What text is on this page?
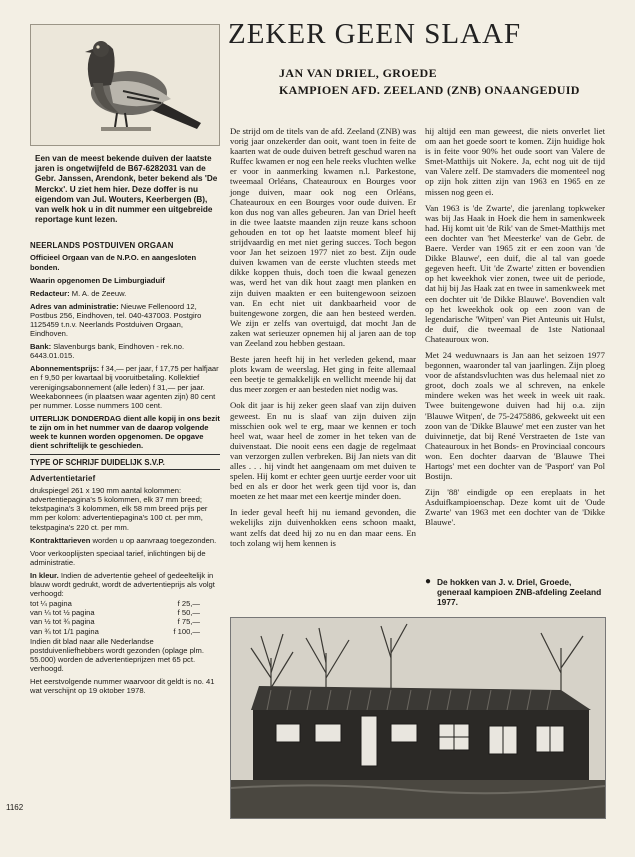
Een van de meest bekende duiven der laatste jaren is ongetwijfeld de B67-6282031 van de Gebr. Janssen, Arendonk, beter bekend als 'De Merckx'. U ziet hem hier. Deze doffer is nu eigendom van Jul. Wouters, Keerbergen (B), van welk hok u in dit nummer een uitgebreide reportage kunt lezen.

NEERLANDS POSTDUIVEN ORGAAN

Officieel Orgaan van de N.P.O. en aangesloten bonden.

Waarin opgenomen De Limburgiaduif

Redacteur: M. A. de Zeeuw.

Adres van administratie: Nieuwe Fellenoord 12, Postbus 256, Eindhoven, tel. 040-437003. Postgiro 1125459 t.n.v. Neerlands Postduiven Orgaan, Eindhoven.

Bank: Slavenburgs bank, Eindhoven - rek.no. 6443.01.015.

Abonnementsprijs: f 34,— per jaar, f 17,75 per halfjaar en f 9,50 per kwartaal bij vooruitbetaling. Kollektief verenigingsabonnement (alle leden) f 31,— per jaar. Weekabonnees (in plaatsen waar agenten zijn) 80 cent per nummer. Losse nummers 100 cent.

UITERLIJK DONDERDAG dient alle kopij in ons bezit te zijn om in het nummer van de daarop volgende week te kunnen worden opgenomen. De opgave dient schriftelijk te geschieden.

TYPE OF SCHRIJF DUIDELIJK S.V.P.
Advertentietarief

drukspiegel 261 x 190 mm aantal kolommen: advertentiepagina's 5 kolommen, elk 37 mm breed; tekstpagina's 3 kolommen, elk 58 mm breed prijs per mm per kolom: advertentiepagina's 100 ct. per mm, tekstpagina's 220 ct. per mm.

Kontrakttarieven worden u op aanvraag toegezonden.

Voor verkooplijsten speciaal tarief, inlichtingen bij de administratie.

In kleur. Indien de advertentie geheel of gedeeltelijk in blauw wordt gedrukt, wordt de advertentieprijs als volgt verhoogd:

tot ¼ pagina	f 25,—
van ¼ tot ½ pagina	f 50,—
van ½ tot ¾ pagina	f 75,—
van ¾ tot 1/1 pagina	f 100,—

Indien dit blad naar alle Nederlandse postduivenliefhebbers wordt gezonden (oplage plm. 55.000) worden de advertentieprijzen met 65 pct. verhoogd.

Het eerstvolgende nummer waarvoor dit geldt is no. 41 wat verschijnt op 19 oktober 1978.

1162
ZEKER GEEN SLAAF
JAN VAN DRIEL, GROEDE
KAMPIOEN AFD. ZEELAND (ZNB) ONAANGEDUID

De strijd om de titels van de afd. Zeeland (ZNB) was vorig jaar onzekerder dan ooit, want toen in feite de kaarten wat de oude duiven betreft geschud waren na Ruffec kwamen er nog een hele reeks vluchten welke er voor in aanmerking kwamen n.l. Parkestone, tweemaal Orléans, Chateauroux en Bourges voor jonge duiven, maar ook nog een Orléans, Chateauroux en een Bourges voor oude duiven. Er kon dus nog van alles gebeuren. Jan van Driel heeft in die twee laatste maanden zijn reuze kans schoon gehouden en tot op het laatste moment bleef hij strijdvaardig en met niet gering succes. Toch begon voor Jan het seizoen 1977 niet zo best. Zijn oude duiven kwamen van de eerste vluchten steeds met dikke koppen thuis, doch toen die kwaal genezen was, werd het van dik hout zaagt men planken en zijn duiven maakten er een buitengewoon seizoen van. En echt niet uit dankbaarheid voor de buitengewone zorgen, die aan hen besteed werden. We zijn er zelfs van overtuigd, dat mocht Jan de zaken wat serieuzer opnemen hij al jaren aan de top van Zeeland zou hebben gestaan.

Beste jaren heeft hij in het verleden gekend, maar plots kwam de weerslag. Het ging in feite allemaal een beetje te gemakkelijk en wellicht meende hij dat dus meer zorgen er aan besteden niet nodig was.

Ook dit jaar is hij zeker geen slaaf van zijn duiven geweest. En nu is slaaf van zijn duiven zijn misschien ook wel te erg, maar we kennen er toch heel wat, waar heel de zomer in het teken van de duivenstaat. Die nooit eens een dagje de regelmaat van verzorgen zullen verbreken. Bij Jan niets van dit alles . . . hij vindt het aangenaam om met duiven te spelen. Hij komt er echter geen uurtje eerder voor uit bed en als er door het werk geen tijd voor is, dan moeten ze het maar met een keertje minder doen.

In ieder geval heeft hij nu iemand gevonden, die wekelijks zijn duivenhokken eens schoon maakt, want zelfs dat deed hij zo nu en dan maar eens. En toch zolang wij hem kennen is

hij altijd een man geweest, die niets onverlet liet om aan het goede soort te komen. Zijn huidige hok is in feite voor 90% het oude soort van Valere de Smet-Matthijs uit Nokere. Ja, echt nog uit de tijd van Valere zelf. De stamvaders die momenteel nog op zijn hok zitten zijn van 1963 en 1965 en ze missen nog geen ei.

Van 1963 is 'de Zwarte', die jarenlang topkweker was bij Jas Haak in Hoek die hem in samenkweek had. Hij komt uit 'de Rik' van de Smet-Matthijs met een dochter van 'het Meesterke' van de Gebr. de Baere. Verder van 1965 zit er een zoon van 'de Dikke Blauwe', een duif, die al tal van goede gegeven heeft. Uit 'de Zwarte' zitten er bovendien op het kweekhok vier zonen, twee uit de periode, dat hij bij Jas Haak zat en twee in samenkweek met een dochter uit 'de Dikke Blauwe'. Bovendien valt op het kweekhok ook op een zoon van de legendarische 'Witpen' van Piet Anteunis uit Hulst, de duif, die tweemaal de 1ste Nationaal Chateauroux won.

Met 24 weduwnaars is Jan aan het seizoen 1977 begonnen, waaronder tal van jaarlingen. Zijn ploeg voor de afstandsvluchten was dus helemaal niet zo groot, doch zoals we al schreven, na enkele mindere weken was het week in week uit raak. Twee buitengewone duiven had hij o.a. zijn 'Blauwe Witpen', de 75-2475886, gekweekt uit een zoon van de 'Dikke Blauwe' met een zuster van het duivinnetje, dat bij René Verstraeten de 1ste van Chateauroux in het Bonds- en Provinciaal concours won. Een dochter daarvan de 'Blauwe Thei Hartogs' met een dochter van de 'Pasport' van Pol Bostijn.

Zijn '88' eindigde op een ereplaats in het Asduifkampioenschap. Deze komt uit de 'Oude Zwarte' van 1963 met een dochter van de 'Dikke Blauwe'.

● De hokken van J. v. Driel, Groede, generaal kampioen ZNB-afdeling Zeeland 1977.
